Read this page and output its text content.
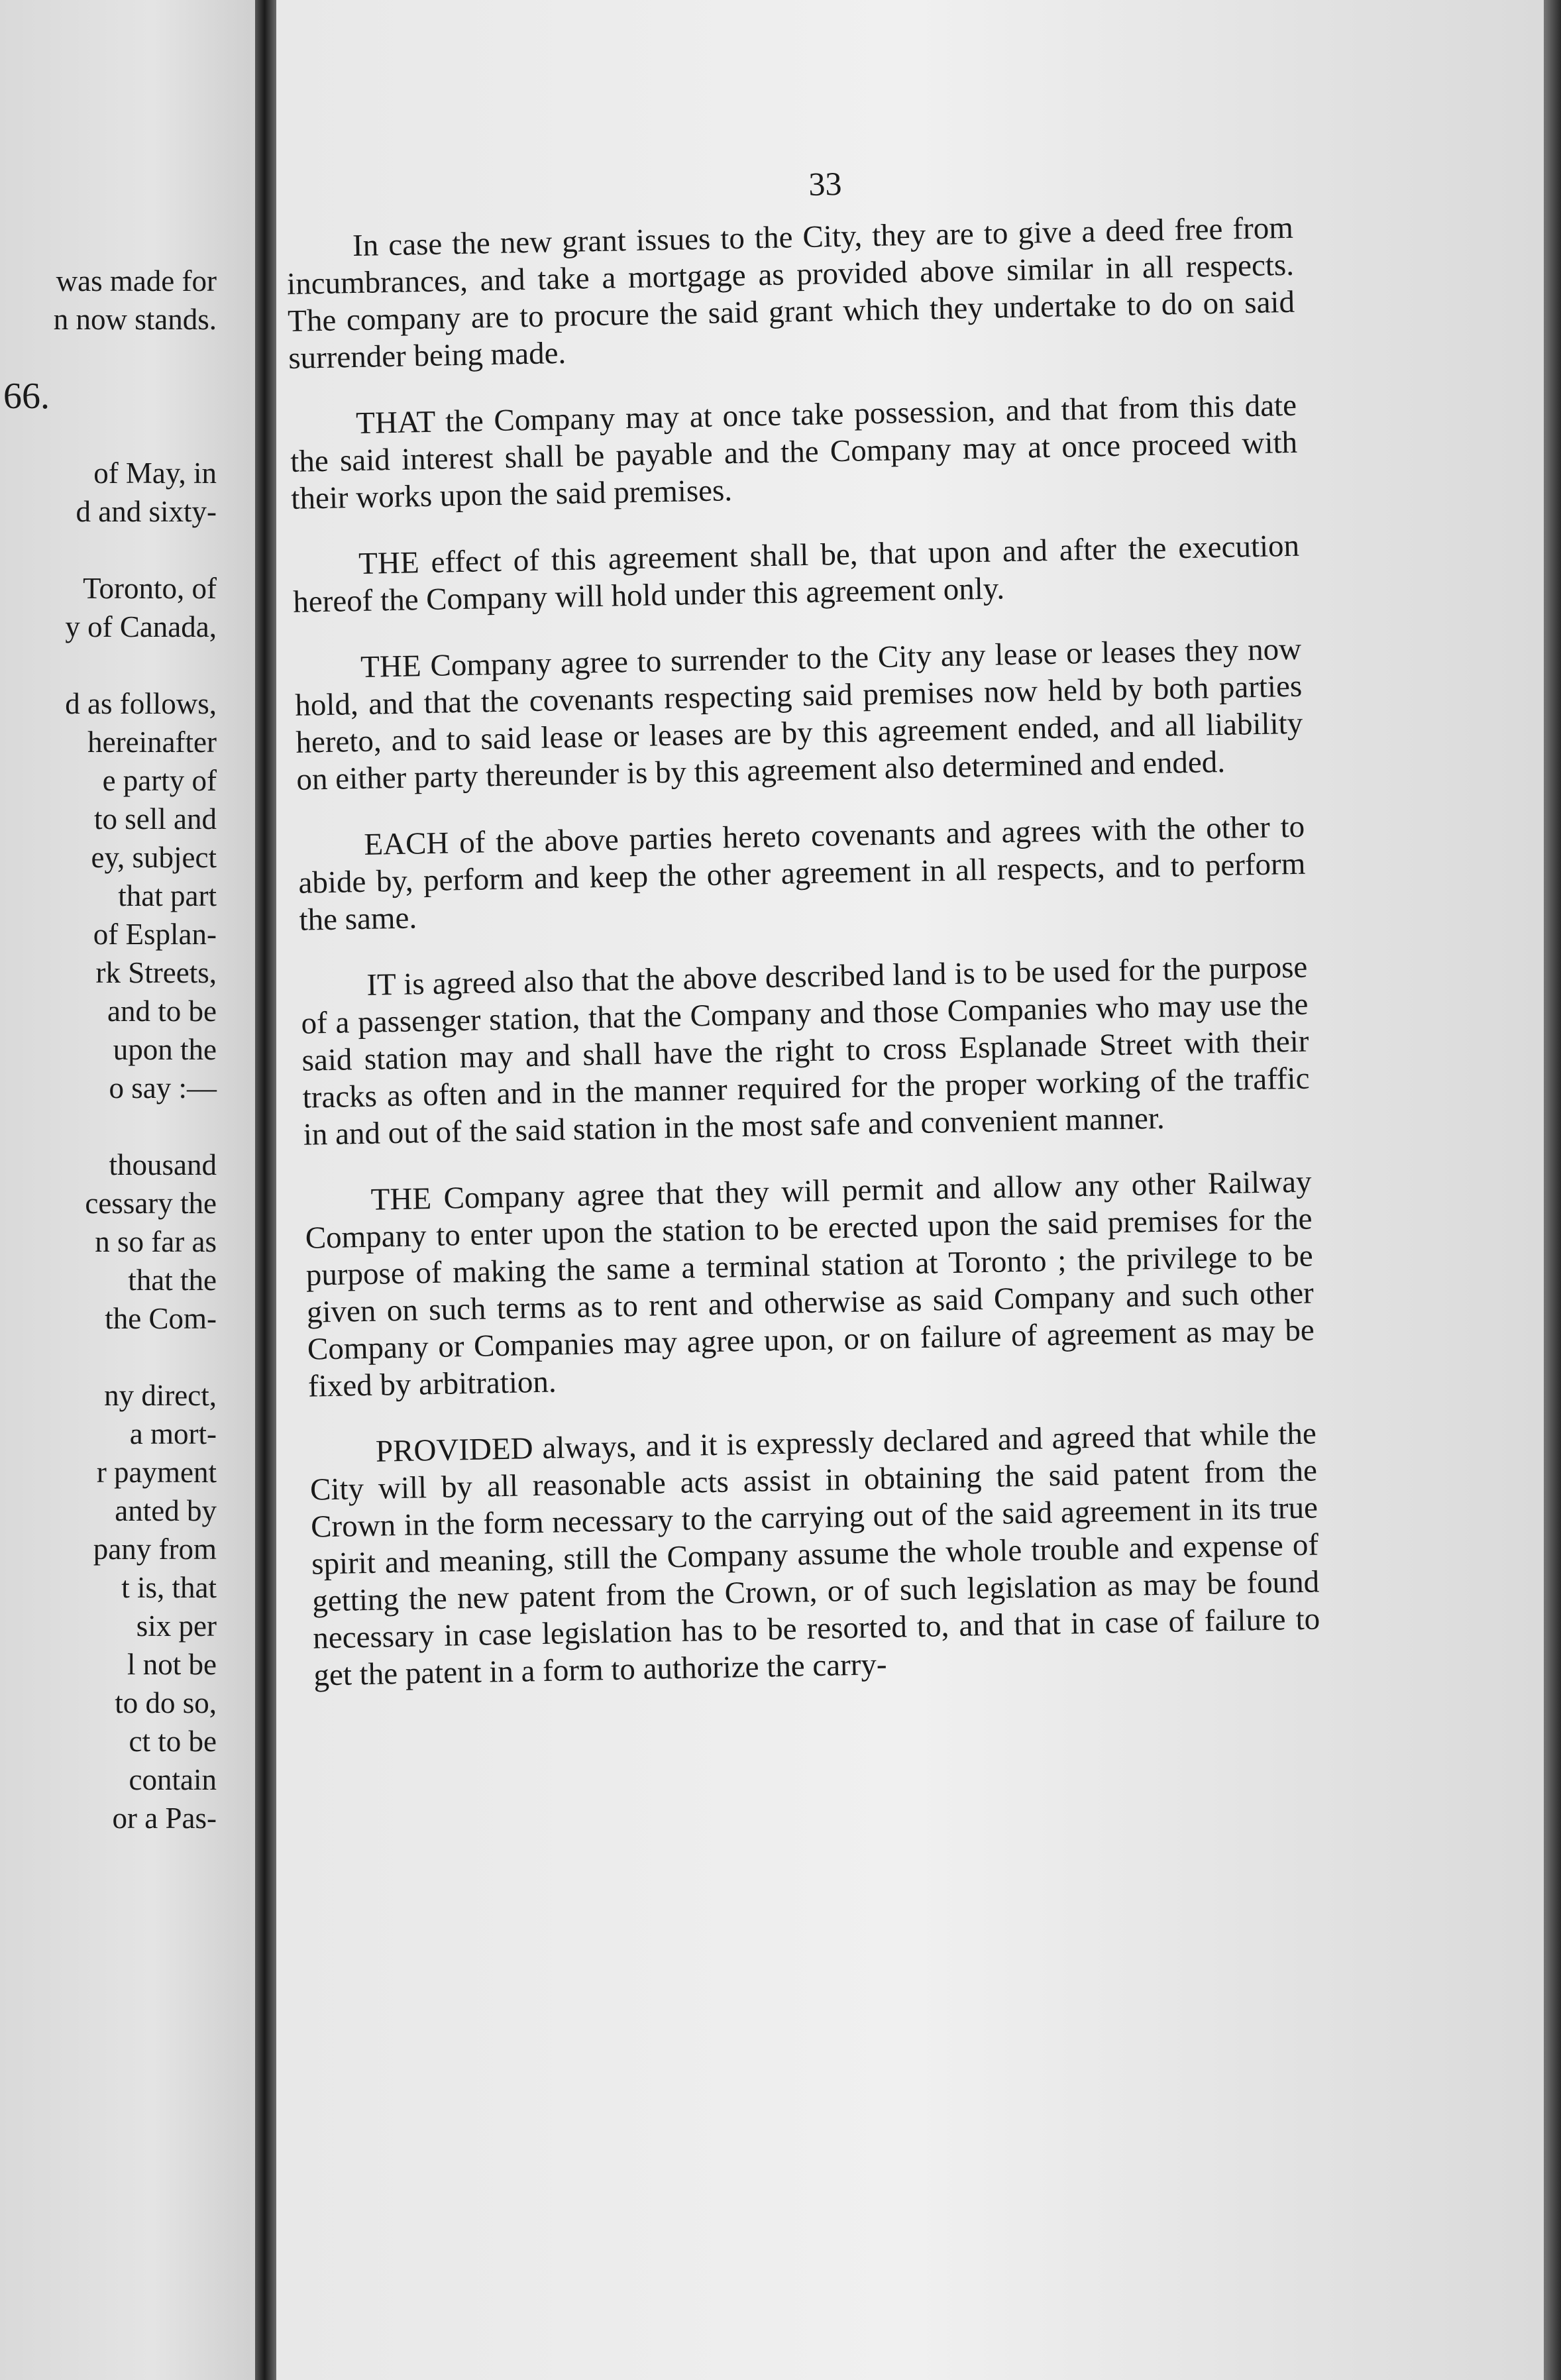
was made for
n now stands.
66.
of May, in
d and sixty-
Toronto, of
y of Canada,
d as follows,
hereinafter
e party of
to sell and
ey, subject
that part
of Esplan-
rk Streets,
and to be
upon the
o say :—
thousand
cessary the
n so far as
that the
the Com-
ny direct,
a mort-
r payment
anted by
pany from
t is, that
six per
l not be
to do so,
ct to be
contain
or a Pas-
33

In case the new grant issues to the City, they are to give a deed free from incumbrances, and take a mortgage as provided above similar in all respects. The company are to procure the said grant which they undertake to do on said surrender being made.

THAT the Company may at once take possession, and that from this date the said interest shall be payable and the Company may at once proceed with their works upon the said premises.

THE effect of this agreement shall be, that upon and after the execution hereof the Company will hold under this agreement only.

THE Company agree to surrender to the City any lease or leases they now hold, and that the covenants respecting said premises now held by both parties hereto, and to said lease or leases are by this agreement ended, and all liability on either party thereunder is by this agreement also determined and ended.

EACH of the above parties hereto covenants and agrees with the other to abide by, perform and keep the other agreement in all respects, and to perform the same.

IT is agreed also that the above described land is to be used for the purpose of a passenger station, that the Company and those Companies who may use the said station may and shall have the right to cross Esplanade Street with their tracks as often and in the manner required for the proper working of the traffic in and out of the said station in the most safe and convenient manner.

THE Company agree that they will permit and allow any other Railway Company to enter upon the station to be erected upon the said premises for the purpose of making the same a terminal station at Toronto ; the privilege to be given on such terms as to rent and otherwise as said Company and such other Company or Companies may agree upon, or on failure of agreement as may be fixed by arbitration.

PROVIDED always, and it is expressly declared and agreed that while the City will by all reasonable acts assist in obtaining the said patent from the Crown in the form necessary to the carrying out of the said agreement in its true spirit and meaning, still the Company assume the whole trouble and expense of getting the new patent from the Crown, or of such legislation as may be found necessary in case legislation has to be resorted to, and that in case of failure to get the patent in a form to authorize the carry-
